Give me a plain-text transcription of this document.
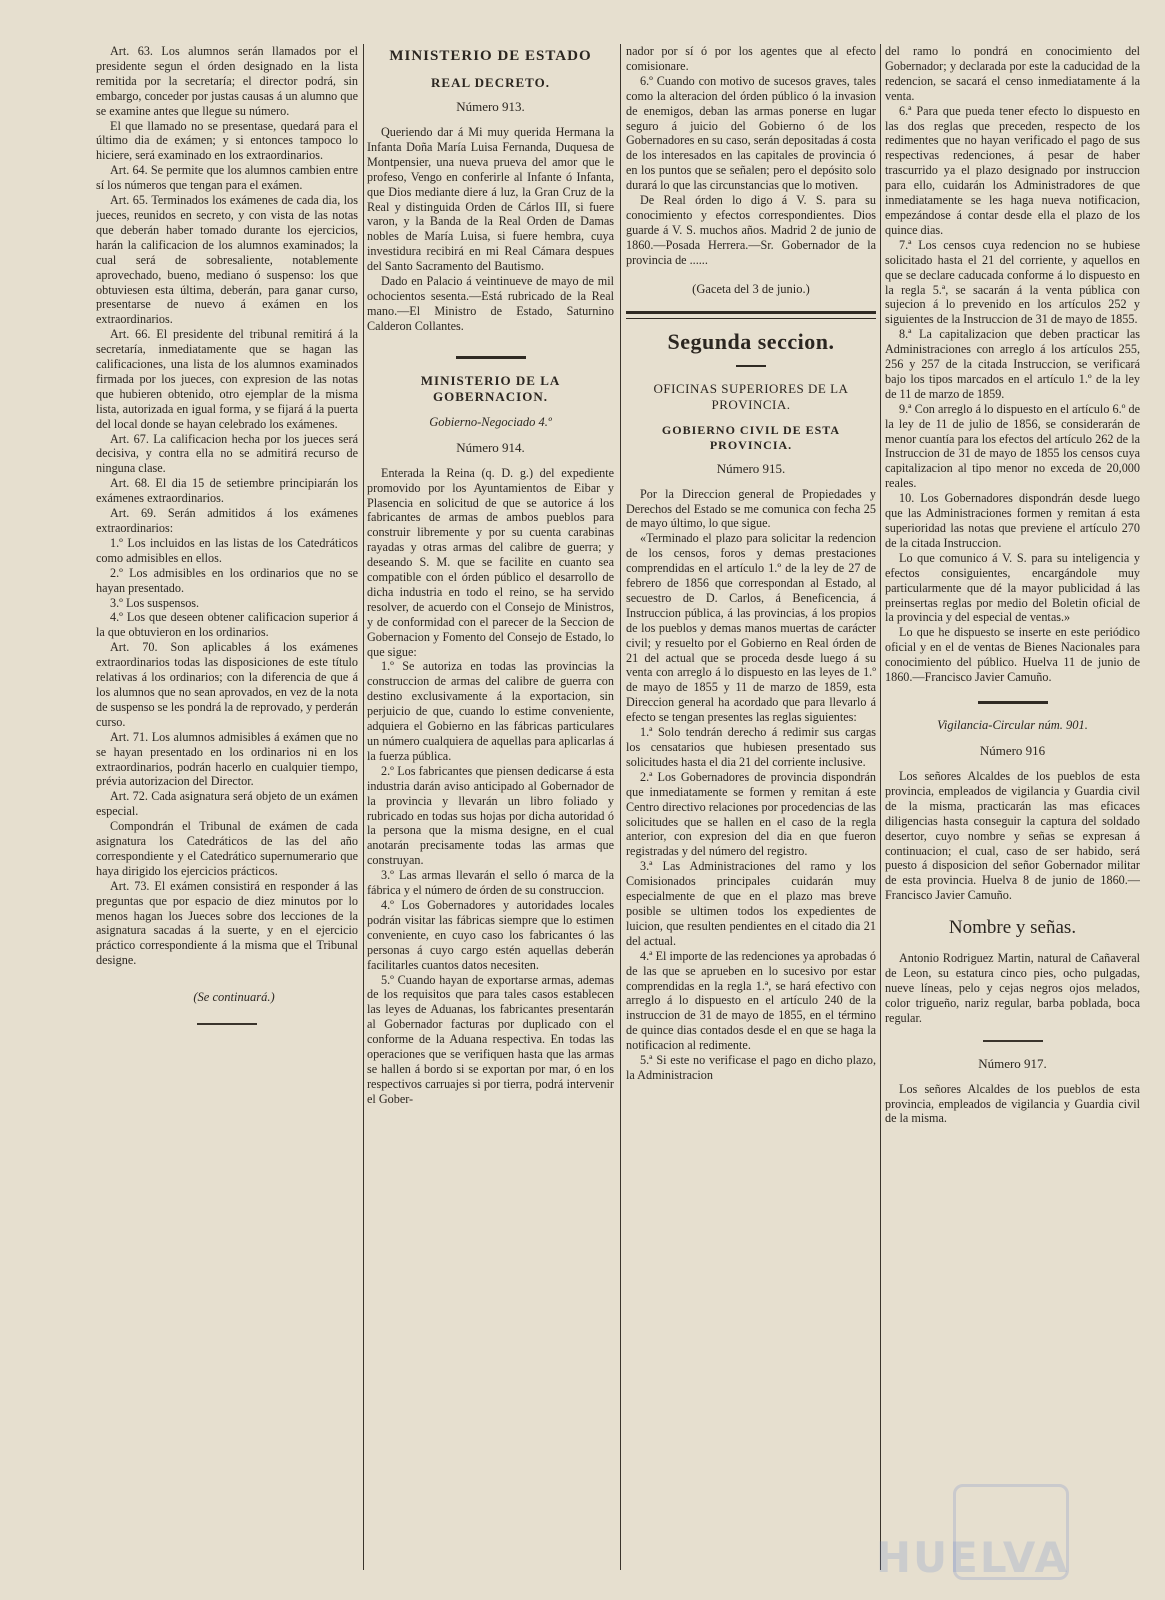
Art. 63. Los alumnos serán llamados por el presidente segun el órden designado en la lista remitida por la secretaría; el director podrá, sin embargo, conceder por justas causas á un alumno que se examine antes que llegue su número.

El que llamado no se presentase, quedará para el último dia de exámen; y si entonces tampoco lo hiciere, será examinado en los extraordinarios.

Art. 64. Se permite que los alumnos cambien entre sí los números que tengan para el exámen.

Art. 65. Terminados los exámenes de cada dia, los jueces, reunidos en secreto, y con vista de las notas que deberán haber tomado durante los ejercicios, harán la calificacion de los alumnos examinados; la cual será de sobresaliente, notablemente aprovechado, bueno, mediano ó suspenso: los que obtuviesen esta última, deberán, para ganar curso, presentarse de nuevo á exámen en los extraordinarios.

Art. 66. El presidente del tribunal remitirá á la secretaría, inmediatamente que se hagan las calificaciones, una lista de los alumnos examinados firmada por los jueces, con expresion de las notas que hubieren obtenido, otro ejemplar de la misma lista, autorizada en igual forma, y se fijará á la puerta del local donde se hayan celebrado los exámenes.

Art. 67. La calificacion hecha por los jueces será decisiva, y contra ella no se admitirá recurso de ninguna clase.

Art. 68. El dia 15 de setiembre principiarán los exámenes extraordinarios.

Art. 69. Serán admitidos á los exámenes extraordinarios:

1.º Los incluidos en las listas de los Catedráticos como admisibles en ellos.

2.º Los admisibles en los ordinarios que no se hayan presentado.

3.º Los suspensos.

4.º Los que deseen obtener calificacion superior á la que obtuvieron en los ordinarios.

Art. 70. Son aplicables á los exámenes extraordinarios todas las disposiciones de este título relativas á los ordinarios; con la diferencia de que á los alumnos que no sean aprovados, en vez de la nota de suspenso se les pondrá la de reprovado, y perderán curso.

Art. 71. Los alumnos admisibles á exámen que no se hayan presentado en los ordinarios ni en los extraordinarios, podrán hacerlo en cualquier tiempo, prévia autorizacion del Director.

Art. 72. Cada asignatura será objeto de un exámen especial.

Compondrán el Tribunal de exámen de cada asignatura los Catedráticos de las del año correspondiente y el Catedrático supernumerario que haya dirigido los ejercicios prácticos.

Art. 73. El exámen consistirá en responder á las preguntas que por espacio de diez minutos por lo menos hagan los Jueces sobre dos lecciones de la asignatura sacadas á la suerte, y en el ejercicio práctico correspondiente á la misma que el Tribunal designe.

(Se continuará.)

MINISTERIO DE ESTADO
REAL DECRETO.
Número 913.

Queriendo dar á Mi muy querida Hermana la Infanta Doña María Luisa Fernanda, Duquesa de Montpensier, una nueva prueva del amor que le profeso, Vengo en conferirle al Infante ó Infanta, que Dios mediante diere á luz, la Gran Cruz de la Real y distinguida Orden de Cárlos III, si fuere varon, y la Banda de la Real Orden de Damas nobles de María Luisa, si fuere hembra, cuya investidura recibirá en mi Real Cámara despues del Santo Sacramento del Bautismo.

Dado en Palacio á veintinueve de mayo de mil ochocientos sesenta.—Está rubricado de la Real mano.—El Ministro de Estado, Saturnino Calderon Collantes.

MINISTERIO DE LA GOBERNACION.
Gobierno-Negociado 4.º
Número 914.

Enterada la Reina (q. D. g.) del expediente promovido por los Ayuntamientos de Eibar y Plasencia en solicitud de que se autorice á los fabricantes de armas de ambos pueblos para construir libremente y por su cuenta carabinas rayadas y otras armas del calibre de guerra; y deseando S. M. que se facilite en cuanto sea compatible con el órden público el desarrollo de dicha industria en todo el reino, se ha servido resolver, de acuerdo con el Consejo de Ministros, y de conformidad con el parecer de la Seccion de Gobernacion y Fomento del Consejo de Estado, lo que sigue:

1.º Se autoriza en todas las provincias la construccion de armas del calibre de guerra con destino exclusivamente á la exportacion, sin perjuicio de que, cuando lo estime conveniente, adquiera el Gobierno en las fábricas particulares un número cualquiera de aquellas para aplicarlas á la fuerza pública.

2.º Los fabricantes que piensen dedicarse á esta industria darán aviso anticipado al Gobernador de la provincia y llevarán un libro foliado y rubricado en todas sus hojas por dicha autoridad ó la persona que la misma designe, en el cual anotarán precisamente todas las armas que construyan.

3.º Las armas llevarán el sello ó marca de la fábrica y el número de órden de su construccion.

4.º Los Gobernadores y autoridades locales podrán visitar las fábricas siempre que lo estimen conveniente, en cuyo caso los fabricantes ó las personas á cuyo cargo estén aquellas deberán facilitarles cuantos datos necesiten.

5.º Cuando hayan de exportarse armas, ademas de los requisitos que para tales casos establecen las leyes de Aduanas, los fabricantes presentarán al Gobernador facturas por duplicado con el conforme de la Aduana respectiva. En todas las operaciones que se verifiquen hasta que las armas se hallen á bordo si se exportan por mar, ó en los respectivos carruajes si por tierra, podrá intervenir el Gober-

nador por sí ó por los agentes que al efecto comisionare.

6.º Cuando con motivo de sucesos graves, tales como la alteracion del órden público ó la invasion de enemigos, deban las armas ponerse en lugar seguro á juicio del Gobierno ó de los Gobernadores en su caso, serán depositadas á costa de los interesados en las capitales de provincia ó en los puntos que se señalen; pero el depósito solo durará lo que las circunstancias que lo motiven.

De Real órden lo digo á V. S. para su conocimiento y efectos correspondientes. Dios guarde á V. S. muchos años. Madrid 2 de junio de 1860.—Posada Herrera.—Sr. Gobernador de la provincia de ......

(Gaceta del 3 de junio.)
Segunda seccion.
OFICINAS SUPERIORES DE LA PROVINCIA.
GOBIERNO CIVIL DE ESTA PROVINCIA.
Número 915.

Por la Direccion general de Propiedades y Derechos del Estado se me comunica con fecha 25 de mayo último, lo que sigue.

«Terminado el plazo para solicitar la redencion de los censos, foros y demas prestaciones comprendidas en el artículo 1.º de la ley de 27 de febrero de 1856 que correspondan al Estado, al secuestro de D. Carlos, á Beneficencia, á Instruccion pública, á las provincias, á los propios de los pueblos y demas manos muertas de carácter civil; y resuelto por el Gobierno en Real órden de 21 del actual que se proceda desde luego á su venta con arreglo á lo dispuesto en las leyes de 1.º de mayo de 1855 y 11 de marzo de 1859, esta Direccion general ha acordado que para llevarlo á efecto se tengan presentes las reglas siguientes:

1.ª Solo tendrán derecho á redimir sus cargas los censatarios que hubiesen presentado sus solicitudes hasta el dia 21 del corriente inclusive.

2.ª Los Gobernadores de provincia dispondrán que inmediatamente se formen y remitan á este Centro directivo relaciones por procedencias de las solicitudes que se hallen en el caso de la regla anterior, con expresion del dia en que fueron registradas y del número del registro.

3.ª Las Administraciones del ramo y los Comisionados principales cuidarán muy especialmente de que en el plazo mas breve posible se ultimen todos los expedientes de luicion, que resulten pendientes en el citado dia 21 del actual.

4.ª El importe de las redenciones ya aprobadas ó de las que se aprueben en lo sucesivo por estar comprendidas en la regla 1.ª, se hará efectivo con arreglo á lo dispuesto en el artículo 240 de la instruccion de 31 de mayo de 1855, en el término de quince dias contados desde el en que se haga la notificacion al redimente.

5.ª Si este no verificase el pago en dicho plazo, la Administracion

del ramo lo pondrá en conocimiento del Gobernador; y declarada por este la caducidad de la redencion, se sacará el censo inmediatamente á la venta.

6.ª Para que pueda tener efecto lo dispuesto en las dos reglas que preceden, respecto de los redimentes que no hayan verificado el pago de sus respectivas redenciones, á pesar de haber trascurrido ya el plazo designado por instruccion para ello, cuidarán los Administradores de que inmediatamente se les haga nueva notificacion, empezándose á contar desde ella el plazo de los quince dias.

7.ª Los censos cuya redencion no se hubiese solicitado hasta el 21 del corriente, y aquellos en que se declare caducada conforme á lo dispuesto en la regla 5.ª, se sacarán á la venta pública con sujecion á lo prevenido en los artículos 252 y siguientes de la Instruccion de 31 de mayo de 1855.

8.ª La capitalizacion que deben practicar las Administraciones con arreglo á los artículos 255, 256 y 257 de la citada Instruccion, se verificará bajo los tipos marcados en el artículo 1.º de la ley de 11 de marzo de 1859.

9.ª Con arreglo á lo dispuesto en el artículo 6.º de la ley de 11 de julio de 1856, se considerarán de menor cuantía para los efectos del artículo 262 de la Instruccion de 31 de mayo de 1855 los censos cuya capitalizacion al tipo menor no exceda de 20,000 reales.

10. Los Gobernadores dispondrán desde luego que las Administraciones formen y remitan á esta superioridad las notas que previene el artículo 270 de la citada Instruccion.

Lo que comunico á V. S. para su inteligencia y efectos consiguientes, encargándole muy particularmente que dé la mayor publicidad á las preinsertas reglas por medio del Boletin oficial de la provincia y del especial de ventas.»

Lo que he dispuesto se inserte en este periódico oficial y en el de ventas de Bienes Nacionales para conocimiento del público. Huelva 11 de junio de 1860.—Francisco Javier Camuño.

Vigilancia-Circular núm. 901.
Número 916

Los señores Alcaldes de los pueblos de esta provincia, empleados de vigilancia y Guardia civil de la misma, practicarán las mas eficaces diligencias hasta conseguir la captura del soldado desertor, cuyo nombre y señas se expresan á continuacion; el cual, caso de ser habido, será puesto á disposicion del señor Gobernador militar de esta provincia. Huelva 8 de junio de 1860.—Francisco Javier Camuño.

Nombre y señas.

Antonio Rodriguez Martin, natural de Cañaveral de Leon, su estatura cinco pies, ocho pulgadas, nueve líneas, pelo y cejas negros ojos melados, color trigueño, nariz regular, barba poblada, boca regular.

Número 917.

Los señores Alcaldes de los pueblos de esta provincia, empleados de vigilancia y Guardia civil de la misma.

HUELVA
